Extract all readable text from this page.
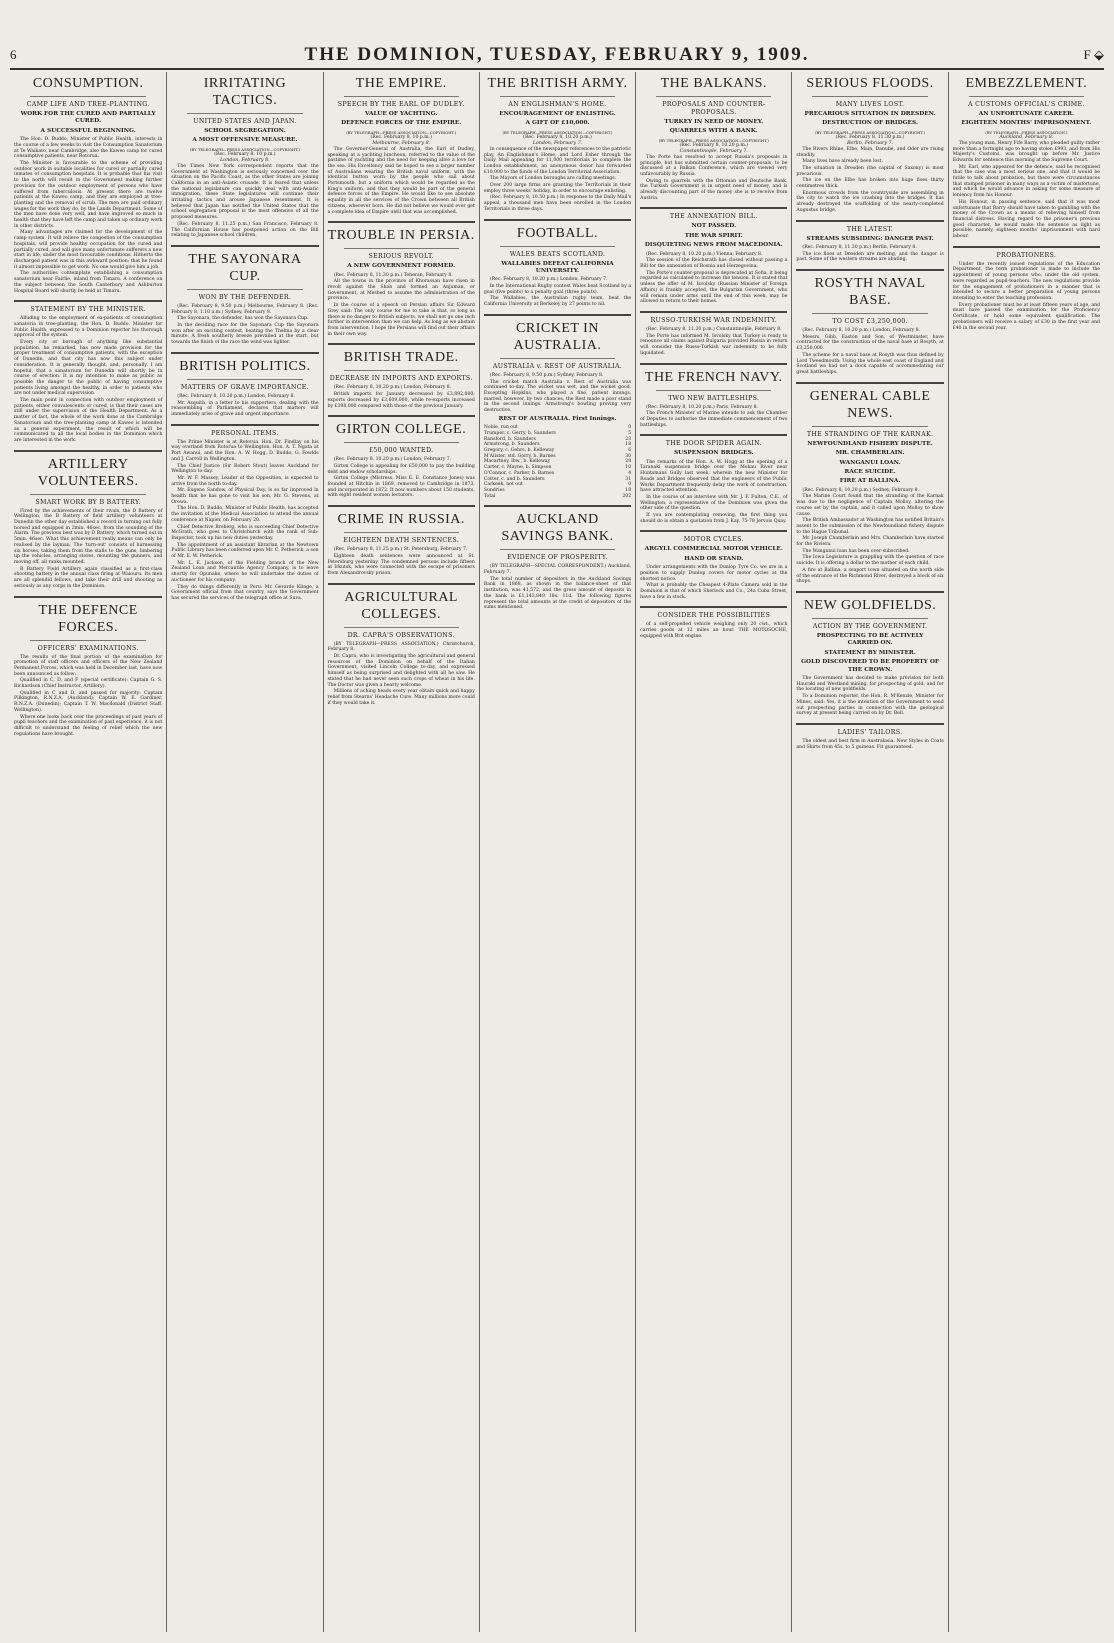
6	THE DOMINION, TUESDAY, FEBRUARY 9, 1909.	F ⬙
CONSUMPTION.
CAMP LIFE AND TREE-PLANTING.
WORK FOR THE CURED AND PARTIALLY CURED.
A SUCCESSFUL BEGINNING.

The Hon. D. Buddo, Minister of Public Health, interests in the course of a few weeks to visit the Consumption Sanatorium at Te Waikato, near Cambridge, also the Kaweo camp for cured consumptive patients, near Rotorua.

The Minister is favourable to the scheme of providing outdoor work in suitable localities for cured or partially cured inmates of consumption hospitals. It is probable that his visit to the north will result in the Government making further provision for the outdoor employment of persons who have suffered from tuberculosis. At present there are twelve patients at the Kaweo camp, and they are employed at tree-planting and the removal of scrub. The men are paid ordinary wages for the work they do, by the Lands Department. Some of the men have done very well, and have improved so much in health that they have left the camp and taken up ordinary work in other districts.

Many advantages are claimed for the development of the camp system. It will relieve the congestion of the consumption hospitals, will provide healthy occupation for the cured and partially cured, and will give many unfortunate sufferers a new start in life, under the most favourable conditions. Hitherto the discharged patient was in this awkward position: that he found it almost impossible to get work. No one would give him a job.

The authorities contemplate establishing a consumption sanatorium near Fairlie, inland from Timaru. A conference on the subject between the South Canterbury and Ashburton Hospital Board will shortly be held at Timaru.

STATEMENT BY THE MINISTER.

Alluding to the employment of ex-patients of consumption sanatoria in tree-planting, the Hon. D. Buddo, Minister for Public Health, expressed to a Dominion reporter his thorough approval of the system.

Every city or borough of anything like substantial population, he remarked, has now made provision for the proper treatment of consumptive patients, with the exception of Dunedin, and that city has now this subject under consideration. It is generally thought, and, personally, I am hopeful, that a sanatorium for Dunedin will shortly be in course of erection. It is my intention to make as public as possible the danger to the public of having consumptive patients living amongst the healthy, in order to patients who are not under medical supervision.

The main point in connection with outdoor employment of patients, either convalescents or cured, is that their cases are still under the supervision of the Health Department. As a matter of fact, the whole of the work done at the Cambridge Sanatorium and the tree-planting camp at Kaweo is intended as a general experiment, the result of which will be communicated to all the local bodies in the Dominion which are interested in the work.

ARTILLERY VOLUNTEERS.
SMART WORK BY B BATTERY.

Fired by the achievements of their rivals, the D Battery of Wellington, the B Battery of field artillery volunteers at Dunedin the other day established a record in turning out fully horsed and equipped in 2min. 46sec. from the sounding of the Alarm. The previous best was by D Battery, which turned out in 5min. 46sec. What this achievement really means can only be realised by the layman. The 'turn-out' consists of harnessing six horses, taking them from the stalls to the guns, limbering up the vehicles, arranging stores, mounting the gunners, and moving off, all ranks mounted.

B Battery Field Artillery again classified as a first-class shooting battery in the annual class firing at Waiouru. Its men are all splendid fellows, and take their drill and shooting as seriously as any corps in the Dominion.

THE DEFENCE FORCES.
OFFICERS' EXAMINATIONS.

The results of the final portion of the examination for promotion of staff officers and officers of the New Zealand Permanent Forces, which was held in December last, have now been announced as follow:

Qualified in C, D, and F (special certificate): Captain G. S. Richardson (Chief Instructor, Artillery).

Qualified in C and D, and passed for majority: Captain Pilkington, R.N.Z.A. (Auckland); Captain W. E. Gardiner, R.N.Z.A. (Dunedin); Captain T. W. Macdonald (District Staff, Wellington).

Where one looks back over the proceedings of past years of pupil teachers and the examination of past experience, it is not difficult to understand the feeling of relief which the new regulations have brought.

IRRITATING TACTICS.
UNITED STATES AND JAPAN.
SCHOOL SEGREGATION.
A MOST OFFENSIVE MEASURE.
(BY TELEGRAPH—PRESS ASSOCIATION—COPYRIGHT.)
(Rec. February 8, 10 p.m.)
London, February 8.

The Times New York correspondent reports that the Government at Washington is seriously concerned over the situation on the Pacific Coast, as the other States are joining California in an anti-Asiatic crusade. It is feared that unless the national legislature can quickly deal with anti-Asiatic immigration, these State legislatures will continue their irritating tactics and arouse Japanese resentment. It is believed that Japan has notified the United States that the school segregation proposal is the most offensive of all the proposed measures.

(Rec. February 8, 11.25 p.m.) San Francisco, February 8. The Californian House has postponed action on the Bill relating to Japanese school children.

THE SAYONARA CUP.
WON BY THE DEFENDER.

(Rec. February 8, 9.50 p.m.) Melbourne, February 8. (Rec. February 8, 1.10 a.m.) Sydney, February 8.

The Sayonara, the defender, has won the Sayonara Cup.

In the deciding race for the Sayonara Cup the Sayonara won after an exciting contest, beating the Thelma by a clear minute. A fresh southerly breeze prevailed at the start, but towards the finish of the race the wind was lighter.

BRITISH POLITICS.
MATTERS OF GRAVE IMPORTANCE.

(Rec. February 8, 10.20 p.m.) London, February 8.

Mr. Asquith, in a letter to his supporters, dealing with the reassembling of Parliament, declares that matters will immediately arise of grave and urgent importance.

PERSONAL ITEMS.

The Prime Minister is at Rotorua. Hon. Dr. Findlay on his way overland from Rotorua to Wellington. Hon. A. T. Ngata at Port Awanui, and the Hon. A. W. Hogg, D. Buddo, G. Fowlds and J. Carroll in Wellington.

The Chief Justice (Sir Robert Stout) leaves Auckland for Wellington to-day.

Mr. W. F. Massey, Leader of the Opposition, is expected to arrive from the north to-day.

Mr. Eugene Sandow, of Physical Day, is so far improved in health that he has gone to visit his son, Mr. G. Stevens, at Orewa.

The Hon. D. Buddo, Minister of Public Health, has accepted the invitation of the Medical Association to attend the annual conference at Napier, on February 20.

Chief Detective Broberg, who is succeeding Chief Detective McGrath, who goes to Christchurch with the rank of Sub-Inspector, took up his new duties yesterday.

The appointment of an assistant librarian at the Newtown Public Library has been conferred upon Mr. C. Petherick, a son of Mr. E. W. Petherick.

Mr. L. E. Jackson, of the Fielding branch of the New Zealand Loan and Mercantile Agency Company, is to leave shortly for Opunake, where he will undertake the duties of auctioneer for his company.

They do things differently in Peru. Mr. Gerardo Klinge, a Government official from that country, says the Government has secured the services of the telegraph office at Suva.

THE EMPIRE.
SPEECH BY THE EARL OF DUDLEY.
VALUE OF YACHTING.
DEFENCE FORCES OF THE EMPIRE.
(BY TELEGRAPH—PRESS ASSOCIATION—COPYRIGHT.)
(Rec. February 8, 10 p.m.)
Melbourne, February 8.

The Governor-General of Australia, the Earl of Dudley, speaking at a yachting luncheon, referred to the value of the pastime of yachting and the need for keeping alive a love for the sea. His Excellency said he hoped to see a larger number of Australians wearing the British naval uniform, with the identical button worn by the people who sail about Portsmouth, but a uniform which would be regarded as the King's uniform, and that they would be part of the general defence forces of the Empire. He would like to see absolute equality in all the services of the Crown between all British citizens, wherever born. He did not believe we would ever get a complete idea of Empire until that was accomplished.

TROUBLE IN PERSIA.
SERIOUS REVOLT.
A NEW GOVERNMENT FORMED.

(Rec. February 8, 11.30 p.m.) Teheran, February 8.

All the towns in the province of Khorassan have risen in revolt against the Shah and formed an Anjuman, or Government, at Meshed to assume the administration of the province.

In the course of a speech on Persian affairs Sir Edward Grey said: The only course for me to take is that, so long as there is no danger to British subjects, we shall not go one inch further in intervention than we can help. As long as we abstain from intervention, I hope the Persians will find out their affairs in their own way.

BRITISH TRADE.
DECREASE IN IMPORTS AND EXPORTS.

(Rec. February 8, 10.20 p.m.) London, February 8.

British imports for January decreased by £3,892,000; exports decreased by £3,609,000, while re-exports increased by £398,000 compared with those of the previous January.

GIRTON COLLEGE.
£50,000 WANTED.

(Rec. February 8, 10.20 p.m.) London, February 7.

Girton College is appealing for £50,000 to pay the building debt and endow scholarships.

Girton College (Mistress, Miss E. E. Constance Jones) was founded at Hitchin in 1869, removed to Cambridge in 1873, and incorporated in 1872. It now numbers about 150 students, with eight resident women lecturers.

CRIME IN RUSSIA.
EIGHTEEN DEATH SENTENCES.

(Rec. February 8, 11.25 p.m.) St. Petersburg, February 7.

Eighteen death sentences were announced at St. Petersburg yesterday. The condemned persons include fifteen at Irkutsk, who were connected with the escape of prisoners from Alexandrovsky prison.

AGRICULTURAL COLLEGES.
DR. CAPRA'S OBSERVATIONS.

(BY TELEGRAPH—PRESS ASSOCIATION.) Christchurch, February 8.

Dr. Capra, who is investigating the agricultural and general resources of the Dominion on behalf of the Italian Government, visited Lincoln College to-day, and expressed himself as being surprised and delighted with all he saw. He stated that he had never seen such crops of wheat in his life. The Doctor was given a hearty welcome.

Millions of aching heads every year obtain quick and happy relief from Stearns' Headache Cure. Many millions more could if they would take it.

THE BRITISH ARMY.
AN ENGLISHMAN'S HOME.
ENCOURAGEMENT OF ENLISTING.
A GIFT OF £10,000.
(BY TELEGRAPH—PRESS ASSOCIATION—COPYRIGHT.)
(Rec. February 8, 10.20 p.m.)
London, February 7.

In consequence of the newspaper references to the patriotic play, An Englishman's Home, and Lord Esher through the Daily Mail appealing for 11,000 territorials to complete the London establishment, an anonymous donor has forwarded £10,000 to the funds of the London Territorial Association.

The Mayors of London boroughs are calling meetings.

Over 200 large firms are granting the Territorials in their employ three weeks' holiday, in order to encourage enlisting.

(Rec. February 8, 10.50 p.m.) In response to the Daily Mail's appeal, a thousand men have been enrolled in the London Territorials in three days.

FOOTBALL.
WALES BEATS SCOTLAND.
WALLABIES DEFEAT CALIFORNIA UNIVERSITY.

(Rec. February 8, 10.20 p.m.) London, February 7.

In the International Rugby contest Wales beat Scotland by a goal (five points) to a penalty goal (three points).

The Wallabies, the Australian rugby team, beat the California University at Berkeley by 27 points to nil.

CRICKET IN AUSTRALIA.
AUSTRALIA v. REST OF AUSTRALIA.

(Rec. February 8, 9.50 p.m.) Sydney, February 8.

The cricket match Australia v. Rest of Australia was continued to-day. The wicket was wet, and the wicket good. Excepting Hopkins, who played a fine, patient innings, marred, however, by two chances, the Rest made a poor stand in the second innings. Armstrong's bowling proving very destructive.

REST OF AUSTRALIA. First Innings.
Noble, run out	0
Trumper, c. Gerry, b. Saunders	5
Ransford, b. Saunders	23
Armstrong, b. Saunders	18
Gregory, c. Gehrs, b. Kelleway	6
M'Alister, std. Gorry, b. Barnes	30
Macartney, lbw., b. Kelleway	28
Carter, c. Mayne, b. Simpson	10
O'Connor, c. Parker, b. Barnes	4
Cotter, c. and b. Saunders	31
Carkeek, not out	0
Sundries	18
Total	202
AUCKLAND SAVINGS BANK.
EVIDENCE OF PROSPERITY.

(BY TELEGRAPH—SPECIAL CORRESPONDENT.) Auckland, February 7.

The total number of depositors in the Auckland Savings Bank in 1868, as shown in the balance-sheet of that institution, was 41,572, and the gross amount of deposits in the bank is £1,143,849 18s. 11d. The following figures represent the total amounts at the credit of depositors of the sums mentioned.

THE BALKANS.
PROPOSALS AND COUNTER-PROPOSALS.
TURKEY IN NEED OF MONEY.
QUARRELS WITH A BANK.
(BY TELEGRAPH—PRESS ASSOCIATION—COPYRIGHT.)
(Rec. February 8, 10.20 p.m.)
Constantinople, February 7.

The Porte has resolved to accept Russia's proposals in principle, but has submitted certain counter-proposals, to be discussed at a Balkan Conference, which are viewed very unfavourably by Russia.

Owing to quarrels with the Ottoman and Deutsche Bank, the Turkish Government is in urgent need of money, and is already discounting part of the money she is to receive from Austria.

THE ANNEXATION BILL.
NOT PASSED.
THE WAR SPIRIT.
DISQUIETING NEWS FROM MACEDONIA.

(Rec. February 8, 10.20 p.m.) Vienna, February 8.

The session of the Reichsrath has closed without passing a Bill for the annexation of Bosnia and Herzegovina.

The Porte's counter-proposal is deprecated at Sofia, it being regarded as calculated to increase the tension. It is stated that unless the offer of M. Isvolsky (Russian Minister of Foreign Affairs) is frankly accepted, the Bulgarian Government, who will remain under arms until the end of this week, may be allowed to return to their homes.

RUSSO-TURKISH WAR INDEMNITY.

(Rec. February 8, 11.30 p.m.) Constantinople, February 8.

The Porte has informed M. Isvolsky that Turkey is ready to renounce all claims against Bulgaria provided Russia in return will consider the Russo-Turkish war indemnity to be fully liquidated.

THE FRENCH NAVY.
TWO NEW BATTLESHIPS.

(Rec. February 8, 10.20 p.m.) Paris, February 8.

The French Minister of Marine intends to ask the Chamber of Deputies to authorise the immediate commencement of two battleships.

THE DOOR SPIDER AGAIN.
SUSPENSION BRIDGES.

The remarks of the Hon. A. W. Hogg at the opening of a Taranaki suspension bridge over the Mokau River near Huntsmans Gully last week, wherein the new Minister for Roads and Bridges observed that the engineers of the Public Works Department frequently delay the work of construction, have attracted attention.

In the course of an interview with Mr. J. F. Fulton, C.E., of Wellington, a representative of the Dominion was given the other side of the question.

If you are contemplating removing, the first thing you should do is obtain a quotation from J. Kay, 75-78 Jervois Quay.

MOTOR CYCLES.
ARGYLL COMMERCIAL MOTOR VEHICLE.
HAND OR STAND.

Under arrangements with the Dunlop Tyre Co. we are in a position to supply Dunlop covers for motor cycles at the shortest notice.

What is probably the Cheapest 4-Plate Camera sold in the Dominion is that of which Sherlock and Co., 24a Cuba Street, have a few in stock.

CONSIDER THE POSSIBILITIES

of a self-propelled vehicle weighing only 20 cwt., which carries goods at 12 miles an hour. THE MOTOSOCHE, equipped with Brit engine.

SERIOUS FLOODS.
MANY LIVES LOST.
PRECARIOUS SITUATION IN DRESDEN.
DESTRUCTION OF BRIDGES.
(BY TELEGRAPH—PRESS ASSOCIATION—COPYRIGHT.)
(Rec. February 8, 11.30 p.m.)
Berlin, February 7.

The Rivers Rhine, Elbe, Main, Danube, and Oder are rising steadily.

Many lives have already been lost.

The situation in Dresden (the capital of Saxony) is most precarious.

The ice on the Elbe has broken into huge floes thirty centimetres thick.

Enormous crowds from the countryside are assembling in the city to watch the ice crashing into the bridges. It has already destroyed the scaffolding of the nearly-completed Augustus bridge.

THE LATEST.
STREAMS SUBSIDING: DANGER PAST.

(Rec. February 8, 11.30 p.m.) Berlin, February 8.

The ice floes at Dresden are melting, and the danger is past. Some of the western streams are abating.

ROSYTH NAVAL BASE.
TO COST £3,250,000.

(Rec. February 8, 10.20 p.m.) London, February 8.

Messrs. Gibb, Easton and Son, of Westminster, have contracted for the construction of the naval base at Rosyth, at £3,250,000.

The scheme for a naval base at Rosyth was thus defined by Lord Tweedmouth: Using the whole east coast of England and Scotland we had not a dock capable of accommodating our great battleships.

GENERAL CABLE NEWS.
THE STRANDING OF THE KARNAK.
NEWFOUNDLAND FISHERY DISPUTE.
MR. CHAMBERLAIN.
WANGANUI LOAN.
RACE SUICIDE.
FIRE AT BALLINA.

(Rec. February 8, 10.20 p.m.) Sydney, February 8.

The Marine Court found that the stranding of the Karnak was due to the negligence of Captain Molloy, altering the course set by the captain, and it called upon Molloy to show cause.

The British Ambassador at Washington has notified Britain's assent to the submission of the Newfoundland fishery dispute to the Hague Tribunal.

Mr. Joseph Chamberlain and Mrs. Chamberlain have started for the Riviera.

The Wanganui loan has been over-subscribed.

The Iowa Legislature is grappling with the question of race suicide. It is offering a dollar to the mother of each child.

A fire at Ballina, a seaport town situated on the north side of the entrance of the Richmond River, destroyed a block of six shops.

NEW GOLDFIELDS.
ACTION BY THE GOVERNMENT.
PROSPECTING TO BE ACTIVELY CARRIED ON.
STATEMENT BY MINISTER.
GOLD DISCOVERED TO BE PROPERTY OF THE CROWN.

The Government has decided to make provision for both Hauraki and Westland mining, for prospecting of gold, and for the locating of new goldfields.

To a Dominion reporter, the Hon. R. M'Kenzie, Minister for Mines, said: Yes, it is the intention of the Government to send out prospecting parties in connection with the geological survey at present being carried on by Dr. Bell.

LADIES' TAILORS.

The oldest and best firm in Australasia. New Styles in Coats and Skirts from 45s. to 5 guineas. Fit guaranteed.

EMBEZZLEMENT.
A CUSTOMS OFFICIAL'S CRIME.
AN UNFORTUNATE CAREER.
EIGHTEEN MONTHS' IMPRISONMENT.
(BY TELEGRAPH—PRESS ASSOCIATION.)
Auckland, February 8.

The young man, Henry Fife Barry, who pleaded guilty rather more than a fortnight ago to having stolen £993, and from His Majesty's Customs, was brought up before Mr. Justice Edwards for sentence this morning at the Supreme Court.

Mr. Earl, who appeared for the defence, said he recognised that the case was a most serious one, and that it would be futile to talk about probation, but there were circumstances that stamped prisoner in many ways as a victim of misfortune, and which he would advance in asking for some measure of leniency from his Honour.

His Honour, in passing sentence, said that it was most unfortunate that Barry should have taken to gambling with the money of the Crown as a means of relieving himself from financial distress. Having regard to the prisoner's previous good character, he would make the sentence as light as possible, namely, eighteen months' imprisonment with hard labour.

PROBATIONERS.

Under the recently issued regulations of the Education Department, the term probationer is made to include the appointment of young persons who, under the old system, were regarded as pupil-teachers. The new regulations provide for the engagement of probationers in a manner that is intended to secure a better preparation of young persons intending to enter the teaching profession.

Every probationer must be at least fifteen years of age, and must have passed the examination for the Proficiency Certificate, or hold some equivalent qualification. The probationers will receive a salary of £30 in the first year and £40 in the second year.
